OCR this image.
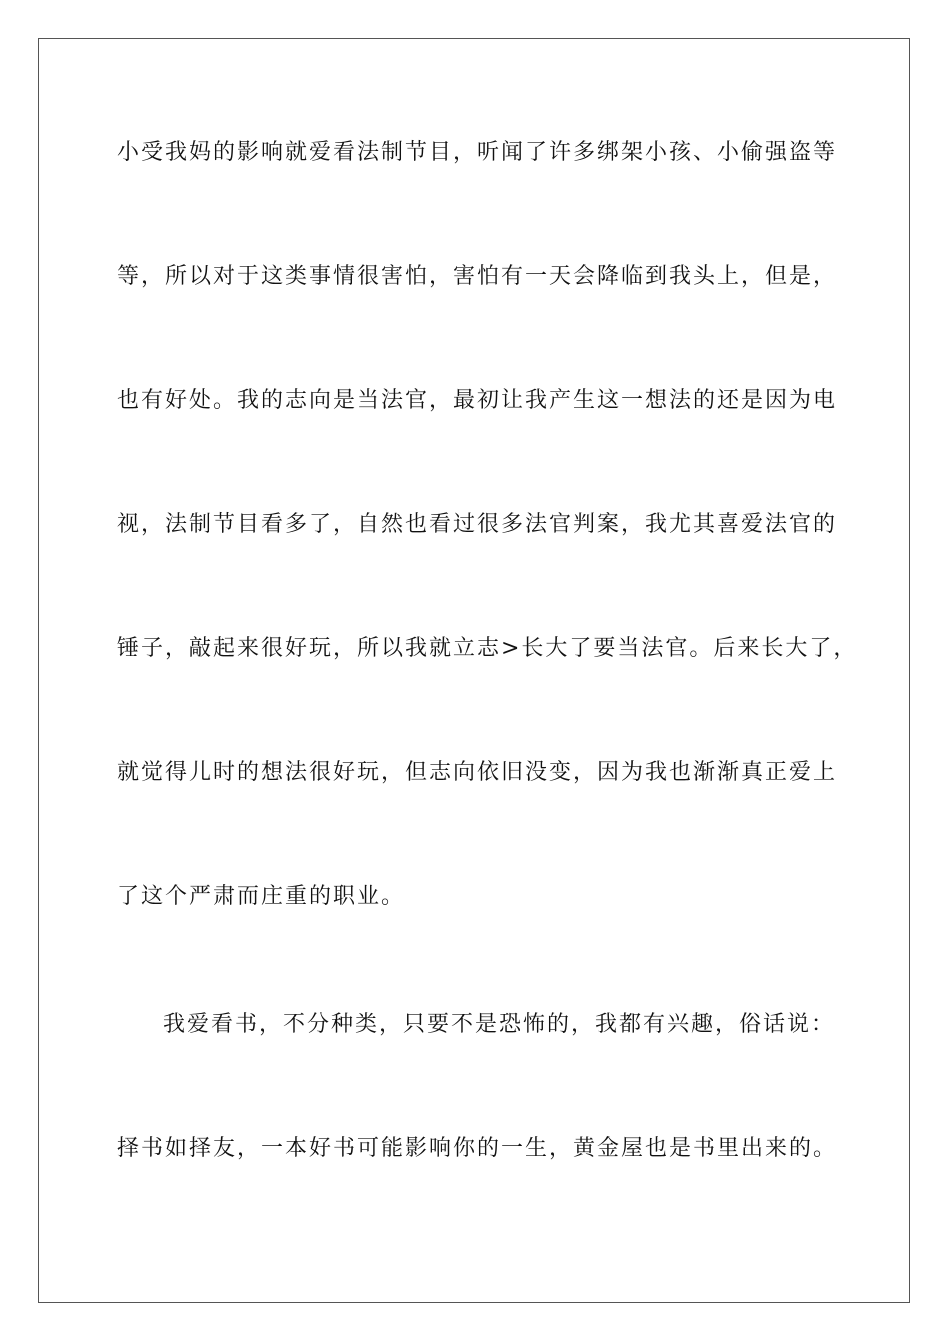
小受我妈的影响就爱看法制节目，听闻了许多绑架小孩、小偷强盗等

等，所以对于这类事情很害怕，害怕有一天会降临到我头上，但是，

也有好处。我的志向是当法官，最初让我产生这一想法的还是因为电

视，法制节目看多了，自然也看过很多法官判案，我尤其喜爱法官的

锤子，敲起来很好玩，所以我就立志>长大了要当法官。后来长大了，

就觉得儿时的想法很好玩，但志向依旧没变，因为我也渐渐真正爱上

了这个严肃而庄重的职业。

我爱看书，不分种类，只要不是恐怖的，我都有兴趣，俗话说：

择书如择友，一本好书可能影响你的一生，黄金屋也是书里出来的。
